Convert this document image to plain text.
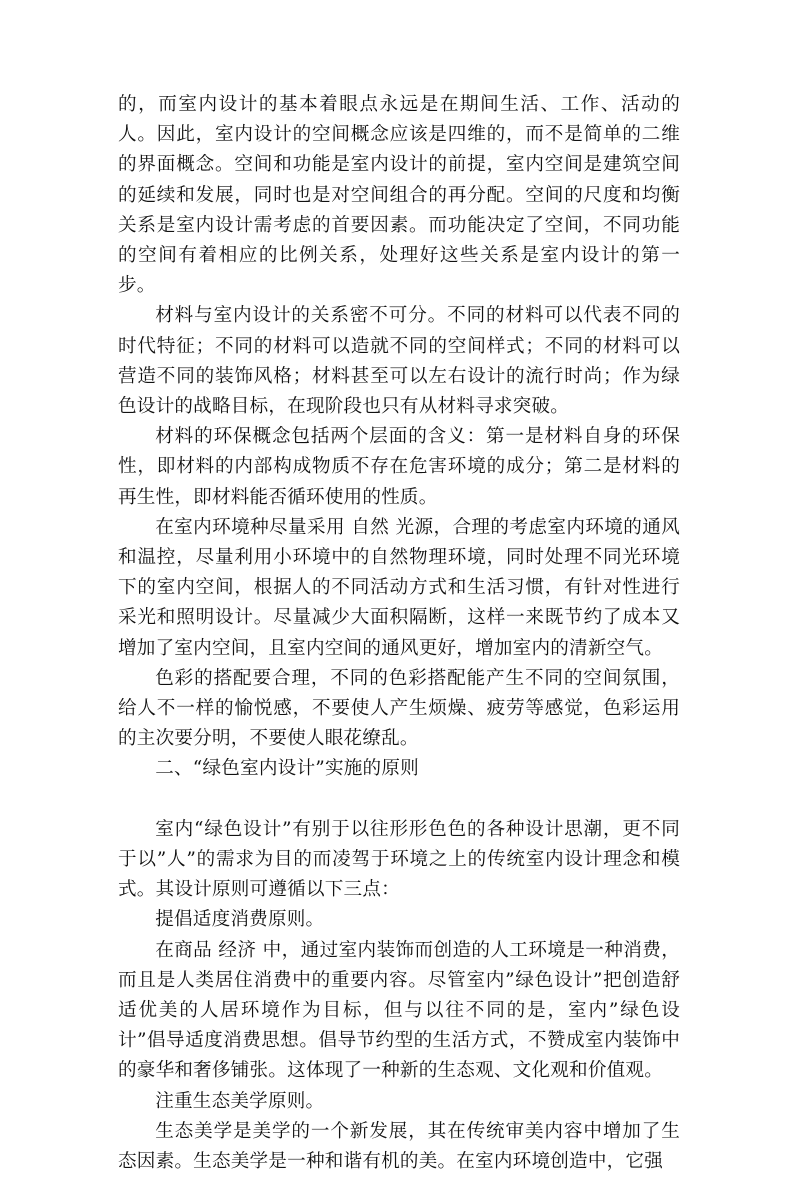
的，而室内设计的基本着眼点永远是在期间生活、工作、活动的人。因此，室内设计的空间概念应该是四维的，而不是简单的二维的界面概念。空间和功能是室内设计的前提，室内空间是建筑空间的延续和发展，同时也是对空间组合的再分配。空间的尺度和均衡关系是室内设计需考虑的首要因素。而功能决定了空间，不同功能的空间有着相应的比例关系，处理好这些关系是室内设计的第一步。

材料与室内设计的关系密不可分。不同的材料可以代表不同的时代特征；不同的材料可以造就不同的空间样式；不同的材料可以营造不同的装饰风格；材料甚至可以左右设计的流行时尚；作为绿色设计的战略目标，在现阶段也只有从材料寻求突破。

材料的环保概念包括两个层面的含义：第一是材料自身的环保性，即材料的内部构成物质不存在危害环境的成分；第二是材料的再生性，即材料能否循环使用的性质。

在室内环境种尽量采用 自然 光源，合理的考虑室内环境的通风和温控，尽量利用小环境中的自然物理环境，同时处理不同光环境下的室内空间，根据人的不同活动方式和生活习惯，有针对性进行采光和照明设计。尽量减少大面积隔断，这样一来既节约了成本又增加了室内空间，且室内空间的通风更好，增加室内的清新空气。

色彩的搭配要合理，不同的色彩搭配能产生不同的空间氛围，给人不一样的愉悦感，不要使人产生烦燥、疲劳等感觉，色彩运用的主次要分明，不要使人眼花缭乱。

二、“绿色室内设计”实施的原则

室内“绿色设计”有别于以往形形色色的各种设计思潮，更不同于以”人”的需求为目的而凌驾于环境之上的传统室内设计理念和模式。其设计原则可遵循以下三点：

提倡适度消费原则。

在商品 经济 中，通过室内装饰而创造的人工环境是一种消费，而且是人类居住消费中的重要内容。尽管室内”绿色设计”把创造舒适优美的人居环境作为目标，但与以往不同的是，室内”绿色设计”倡导适度消费思想。倡导节约型的生活方式，不赞成室内装饰中的豪华和奢侈铺张。这体现了一种新的生态观、文化观和价值观。

注重生态美学原则。

生态美学是美学的一个新发展，其在传统审美内容中增加了生态因素。生态美学是一种和谐有机的美。在室内环境创造中，它强
